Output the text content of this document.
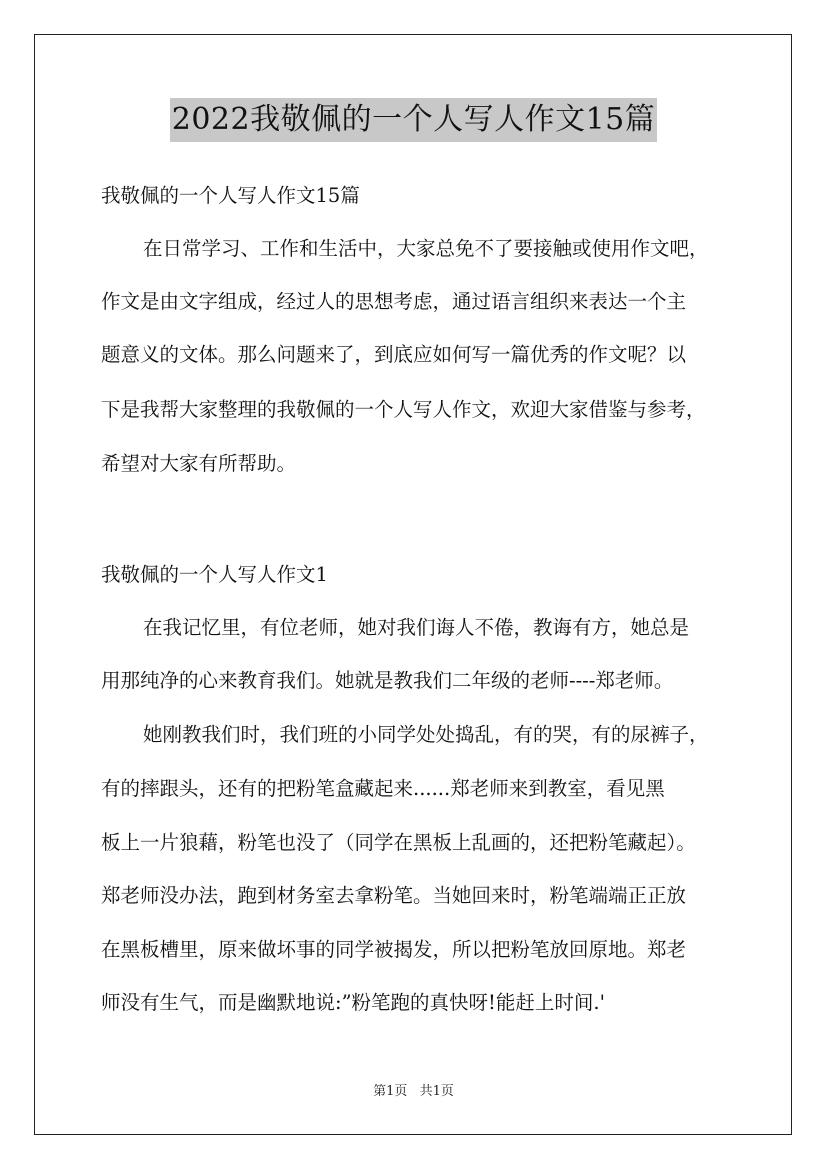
2022我敬佩的一个人写人作文15篇
我敬佩的一个人写人作文15篇
在日常学习、工作和生活中，大家总免不了要接触或使用作文吧，
作文是由文字组成，经过人的思想考虑，通过语言组织来表达一个主
题意义的文体。那么问题来了，到底应如何写一篇优秀的作文呢？以
下是我帮大家整理的我敬佩的一个人写人作文，欢迎大家借鉴与参考，
希望对大家有所帮助。
我敬佩的一个人写人作文1
在我记忆里，有位老师，她对我们诲人不倦，教诲有方，她总是
用那纯净的心来教育我们。她就是教我们二年级的老师----郑老师。
她刚教我们时，我们班的小同学处处捣乱，有的哭，有的尿裤子，
有的摔跟头，还有的把粉笔盒藏起来......郑老师来到教室，看见黑
板上一片狼藉，粉笔也没了（同学在黑板上乱画的，还把粉笔藏起）。
郑老师没办法，跑到材务室去拿粉笔。当她回来时，粉笔端端正正放
在黑板槽里，原来做坏事的同学被揭发，所以把粉笔放回原地。郑老
师没有生气，而是幽默地说:”粉笔跑的真快呀!能赶上时间.'
第1页 共1页
